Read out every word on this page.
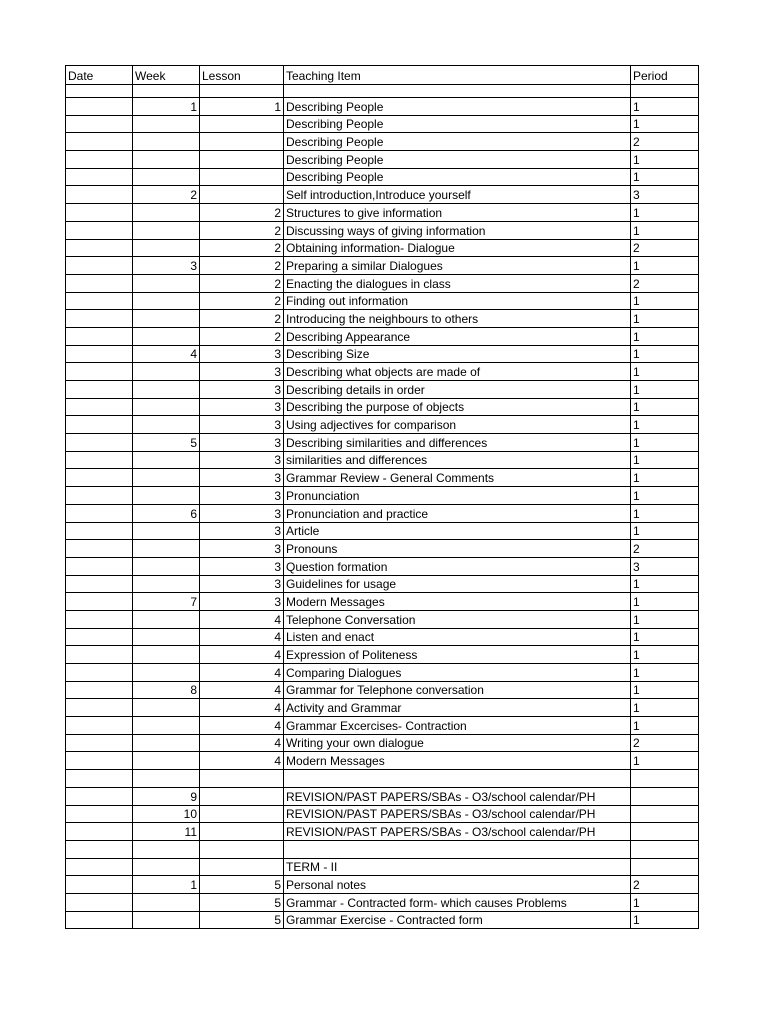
Date	Week	Lesson	Teaching Item	Period

	1	1	Describing People	1
			Describing People	1
			Describing People	2
			Describing People	1
			Describing People	1
	2		Self introduction,Introduce yourself	3
		2	Structures to give information	1
		2	Discussing ways of giving information	1
		2	Obtaining information- Dialogue	2
	3	2	Preparing a similar Dialogues	1
		2	Enacting the dialogues in class	2
		2	Finding out information	1
		2	Introducing the neighbours to others	1
		2	Describing Appearance	1
	4	3	Describing Size	1
		3	Describing what objects are made of	1
		3	Describing details in order	1
		3	Describing the purpose of objects	1
		3	Using adjectives for comparison	1
	5	3	Describing similarities and differences	1
		3	similarities and differences	1
		3	Grammar Review - General Comments	1
		3	Pronunciation	1
	6	3	Pronunciation and practice	1
		3	Article	1
		3	Pronouns	2
		3	Question formation	3
		3	Guidelines for usage	1
	7	3	Modern Messages	1
		4	Telephone Conversation	1
		4	Listen and enact	1
		4	Expression of Politeness	1
		4	Comparing Dialogues	1
	8	4	Grammar for Telephone conversation	1
		4	Activity and Grammar	1
		4	Grammar Excercises- Contraction	1
		4	Writing your own dialogue	2
		4	Modern Messages	1

	9		REVISION/PAST PAPERS/SBAs - O3/school calendar/PH	
	10		REVISION/PAST PAPERS/SBAs - O3/school calendar/PH	
	11		REVISION/PAST PAPERS/SBAs - O3/school calendar/PH	

			TERM - II	
	1	5	Personal notes	2
		5	Grammar - Contracted form- which causes Problems	1
		5	Grammar Exercise - Contracted form	1
